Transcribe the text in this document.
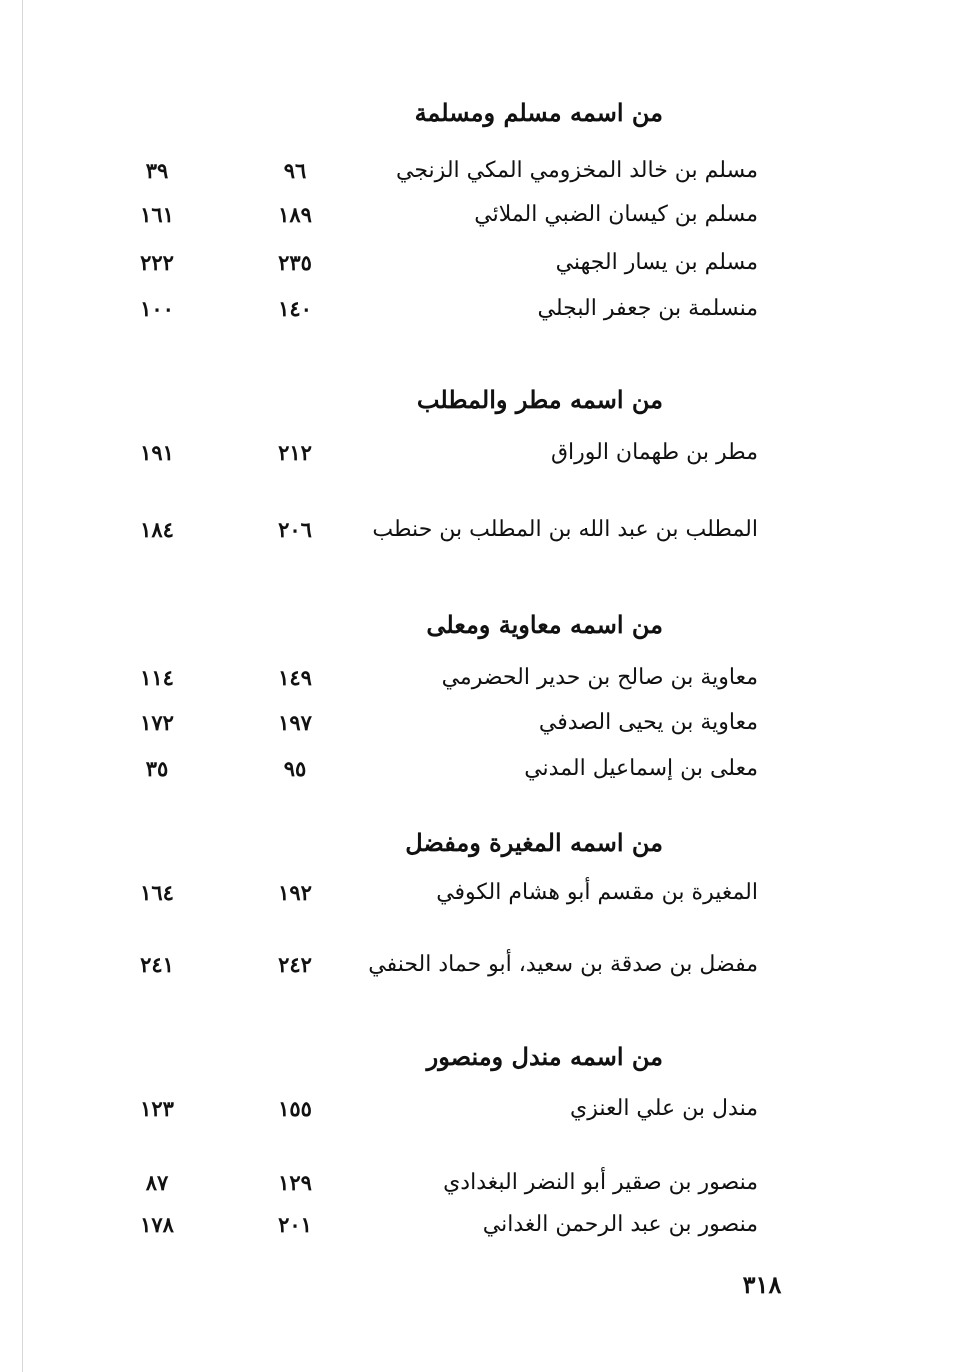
من اسمه مسلم ومسلمة
مسلم بن خالد المخزومي المكي الزنجي
٩٦
٣٩
مسلم بن كيسان الضبي الملائي
١٨٩
١٦١
مسلم بن يسار الجهني
٢٣٥
٢٢٢
منسلمة بن جعفر البجلي
١٤٠
١٠٠
من اسمه مطر والمطلب
مطر بن طهمان الوراق
٢١٢
١٩١
المطلب بن عبد الله بن المطلب بن حنطب
٢٠٦
١٨٤
من اسمه معاوية ومعلى
معاوية بن صالح بن حدير الحضرمي
١٤٩
١١٤
معاوية بن يحيى الصدفي
١٩٧
١٧٢
معلى بن إسماعيل المدني
٩٥
٣٥
من اسمه المغيرة ومفضل
المغيرة بن مقسم أبو هشام الكوفي
١٩٢
١٦٤
مفضل بن صدقة بن سعيد، أبو حماد الحنفي
٢٤٢
٢٤١
من اسمه مندل ومنصور
مندل بن علي العنزي
١٥٥
١٢٣
منصور بن صقير أبو النضر البغدادي
١٢٩
٨٧
منصور بن عبد الرحمن الغداني
٢٠١
١٧٨
٣١٨
